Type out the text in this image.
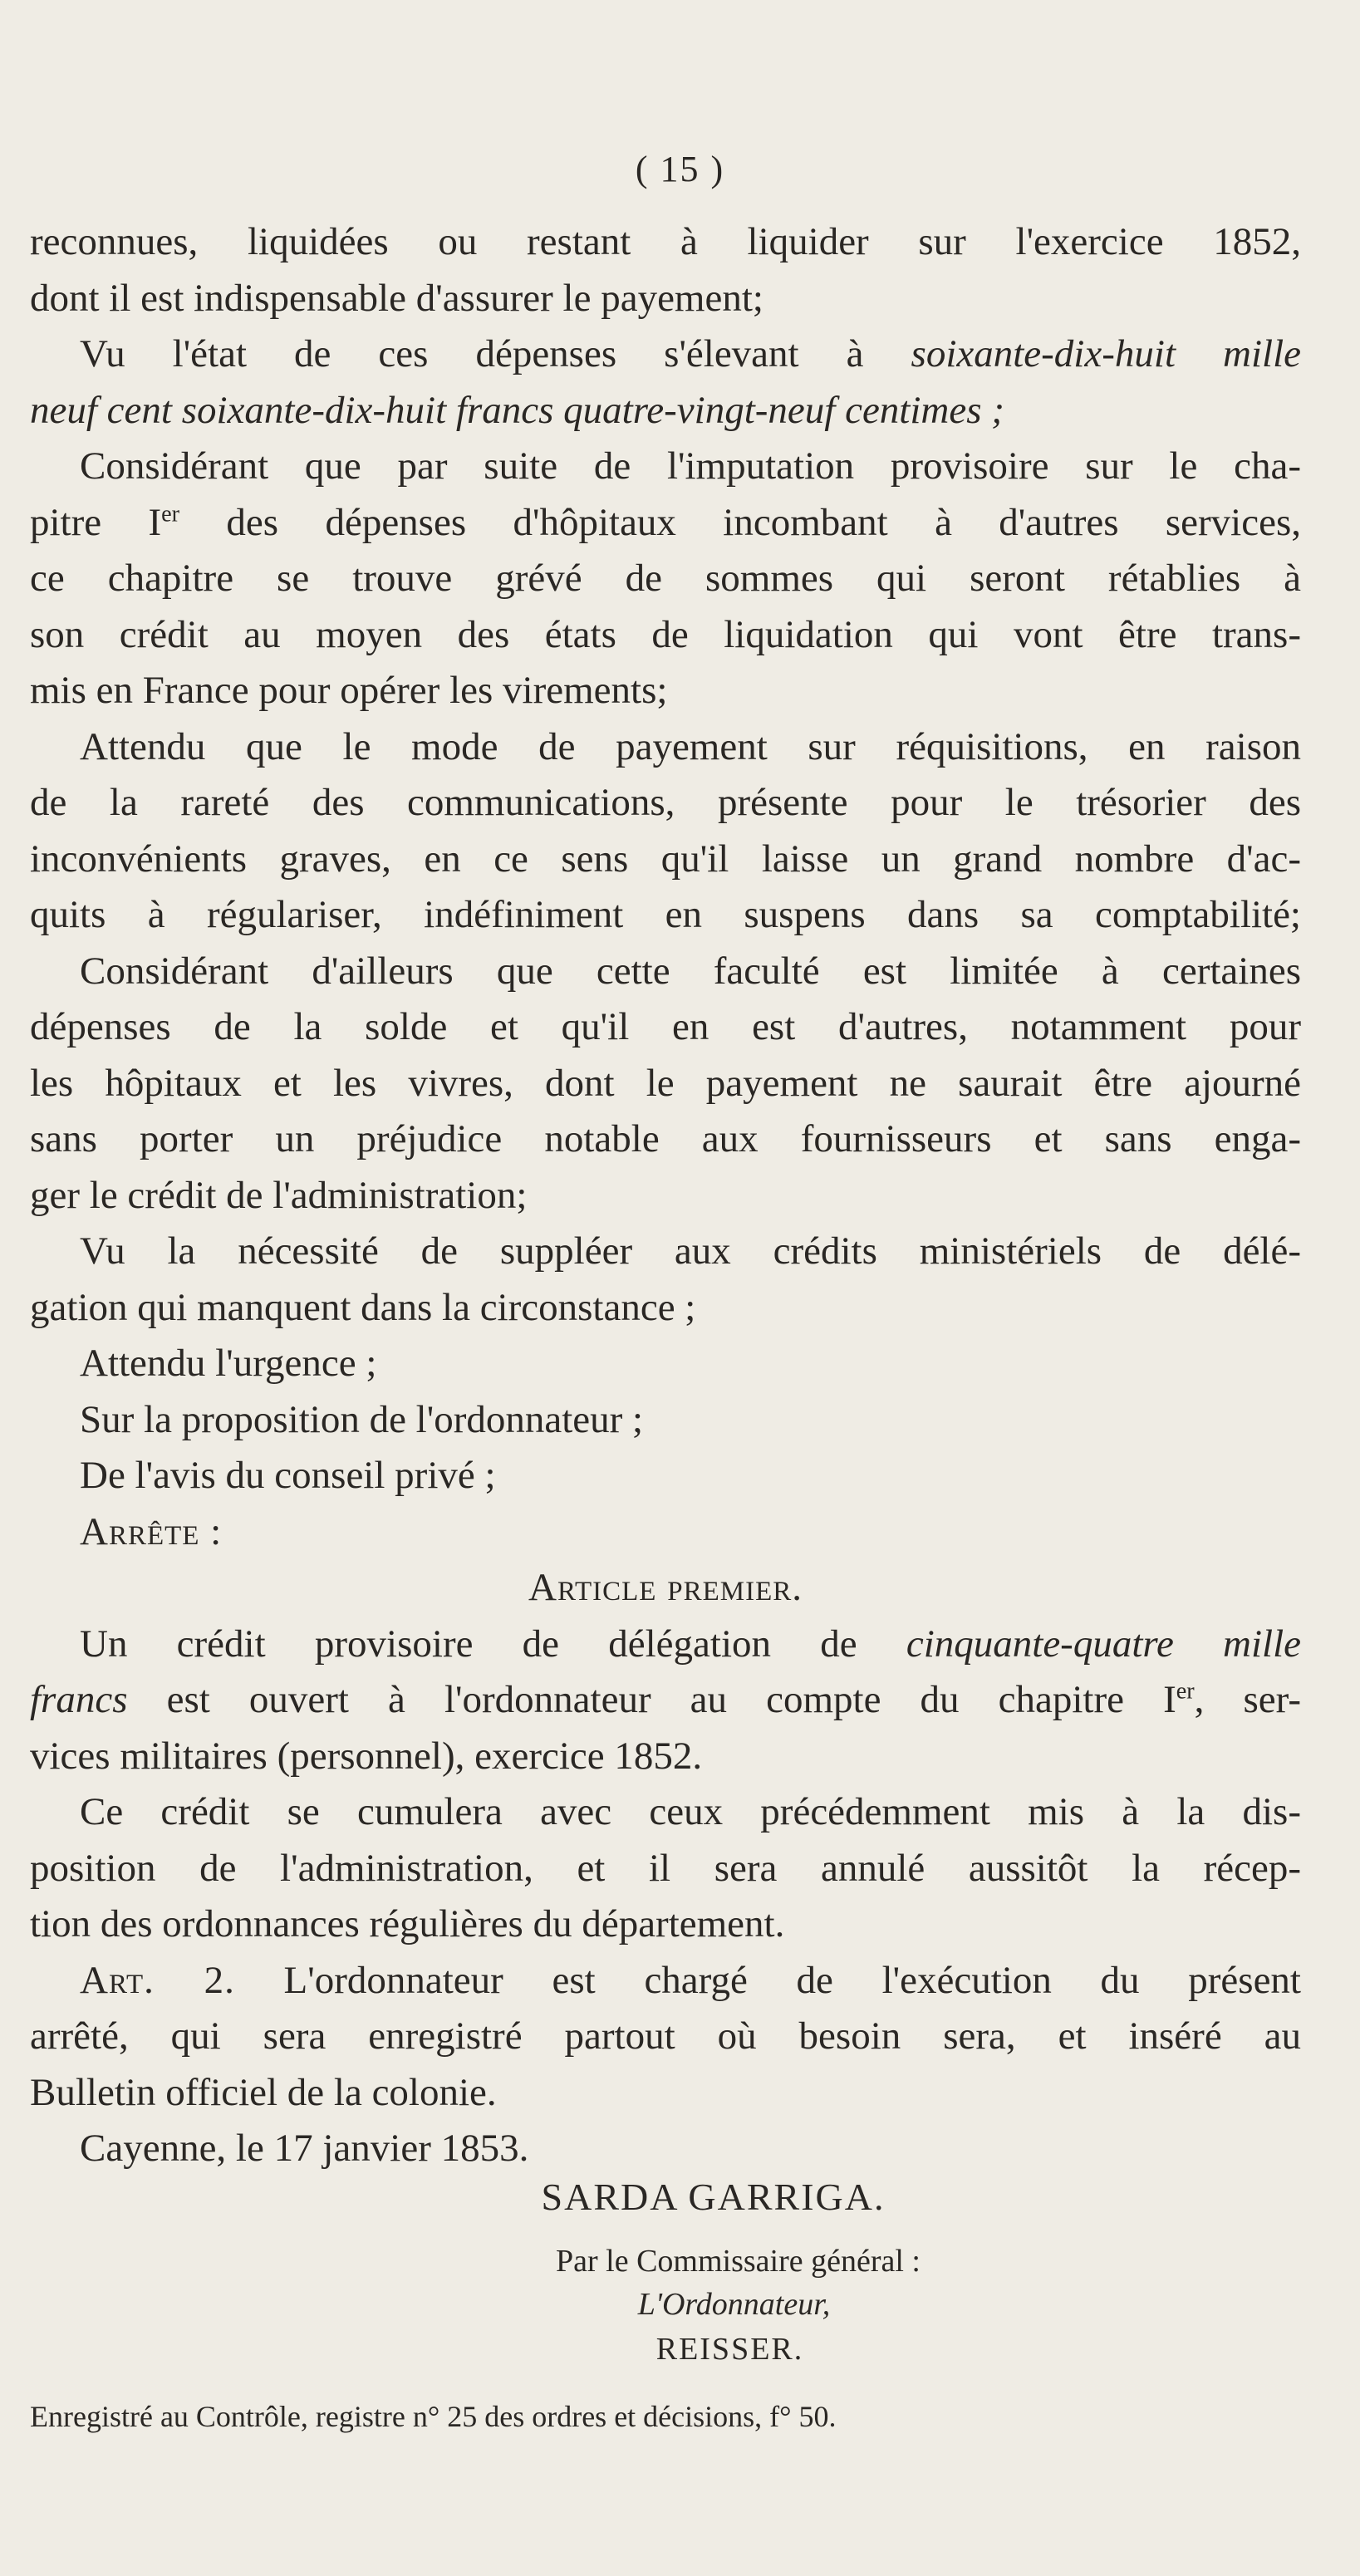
( 15 )
reconnues, liquidées ou restant à liquider sur l'exercice 1852,
dont il est indispensable d'assurer le payement;
Vu l'état de ces dépenses s'élevant à soixante-dix-huit mille
neuf cent soixante-dix-huit francs quatre-vingt-neuf centimes ;
Considérant que par suite de l'imputation provisoire sur le cha-
pitre Ier des dépenses d'hôpitaux incombant à d'autres services,
ce chapitre se trouve grévé de sommes qui seront rétablies à
son crédit au moyen des états de liquidation qui vont être trans-
mis en France pour opérer les virements;
Attendu que le mode de payement sur réquisitions, en raison
de la rareté des communications, présente pour le trésorier des
inconvénients graves, en ce sens qu'il laisse un grand nombre d'ac-
quits à régulariser, indéfiniment en suspens dans sa comptabilité;
Considérant d'ailleurs que cette faculté est limitée à certaines
dépenses de la solde et qu'il en est d'autres, notamment pour
les hôpitaux et les vivres, dont le payement ne saurait être ajourné
sans porter un préjudice notable aux fournisseurs et sans enga-
ger le crédit de l'administration;
Vu la nécessité de suppléer aux crédits ministériels de délé-
gation qui manquent dans la circonstance ;
Attendu l'urgence ;
Sur la proposition de l'ordonnateur ;
De l'avis du conseil privé ;
Arrête :
Article premier.
Un crédit provisoire de délégation de cinquante-quatre mille
francs est ouvert à l'ordonnateur au compte du chapitre Ier, ser-
vices militaires (personnel), exercice 1852.
Ce crédit se cumulera avec ceux précédemment mis à la dis-
position de l'administration, et il sera annulé aussitôt la récep-
tion des ordonnances régulières du département.
Art. 2. L'ordonnateur est chargé de l'exécution du présent
arrêté, qui sera enregistré partout où besoin sera, et inséré au
Bulletin officiel de la colonie.
Cayenne, le 17 janvier 1853.
SARDA GARRIGA.
Par le Commissaire général :
L'Ordonnateur,
REISSER.
Enregistré au Contrôle, registre n° 25 des ordres et décisions, f° 50.
